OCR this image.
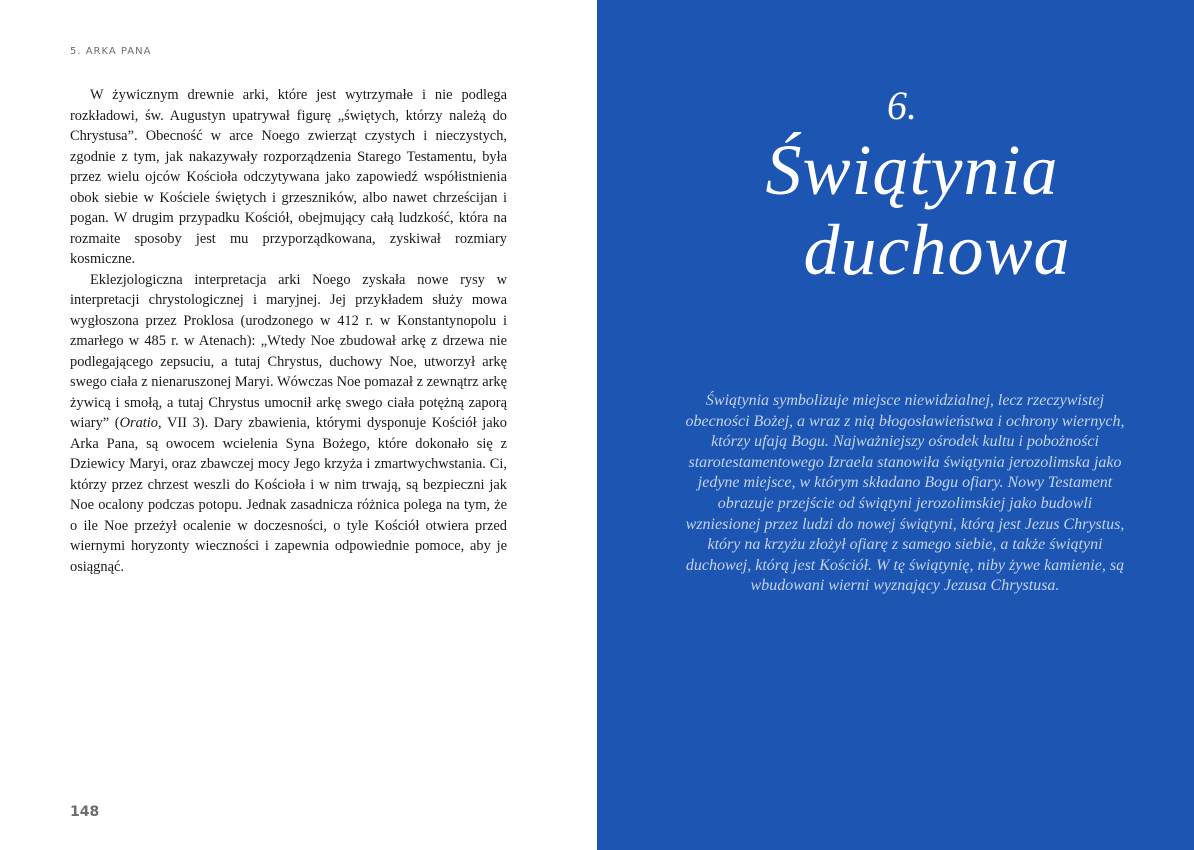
5. ARKA PANA

W żywicznym drewnie arki, które jest wytrzymałe i nie podlega rozkładowi, św. Augustyn upatrywał figurę „świętych, którzy należą do Chrystusa”. Obecność w arce Noego zwierząt czystych i nieczystych, zgodnie z tym, jak nakazywały rozporządzenia Starego Testamentu, była przez wielu ojców Kościoła odczytywana jako zapowiedź współistnienia obok siebie w Kościele świętych i grzeszników, albo nawet chrześcijan i pogan. W drugim przypadku Kościół, obejmujący całą ludzkość, która na rozmaite sposoby jest mu przyporządkowana, zyskiwał rozmiary kosmiczne.

Eklezjologiczna interpretacja arki Noego zyskała nowe rysy w interpretacji chrystologicznej i maryjnej. Jej przykładem służy mowa wygłoszona przez Proklosa (urodzonego w 412 r. w Konstantynopolu i zmarłego w 485 r. w Atenach): „Wtedy Noe zbudował arkę z drzewa nie podlegającego zepsuciu, a tutaj Chrystus, duchowy Noe, utworzył arkę swego ciała z nienaruszonej Maryi. Wówczas Noe pomazał z zewnątrz arkę żywicą i smołą, a tutaj Chrystus umocnił arkę swego ciała potężną zaporą wiary” (Oratio, VII 3). Dary zbawienia, którymi dysponuje Kościół jako Arka Pana, są owocem wcielenia Syna Bożego, które dokonało się z Dziewicy Maryi, oraz zbawczej mocy Jego krzyża i zmartwychwstania. Ci, którzy przez chrzest weszli do Kościoła i w nim trwają, są bezpieczni jak Noe ocalony podczas potopu. Jednak zasadnicza różnica polega na tym, że o ile Noe przeżył ocalenie w doczesności, o tyle Kościół otwiera przed wiernymi horyzonty wieczności i zapewnia odpowiednie pomoce, aby je osiągnąć.

148
6.
Świątynia
duchowa
Świątynia symbolizuje miejsce niewidzialnej, lecz rzeczywistej obecności Bożej, a wraz z nią błogosławieństwa i ochrony wiernych, którzy ufają Bogu. Najważniejszy ośrodek kultu i pobożności starotestamentowego Izraela stanowiła świątynia jerozolimska jako jedyne miejsce, w którym składano Bogu ofiary. Nowy Testament obrazuje przejście od świątyni jerozolimskiej jako budowli wzniesionej przez ludzi do nowej świątyni, którą jest Jezus Chrystus, który na krzyżu złożył ofiarę z samego siebie, a także świątyni duchowej, którą jest Kościół. W tę świątynię, niby żywe kamienie, są wbudowani wierni wyznający Jezusa Chrystusa.
